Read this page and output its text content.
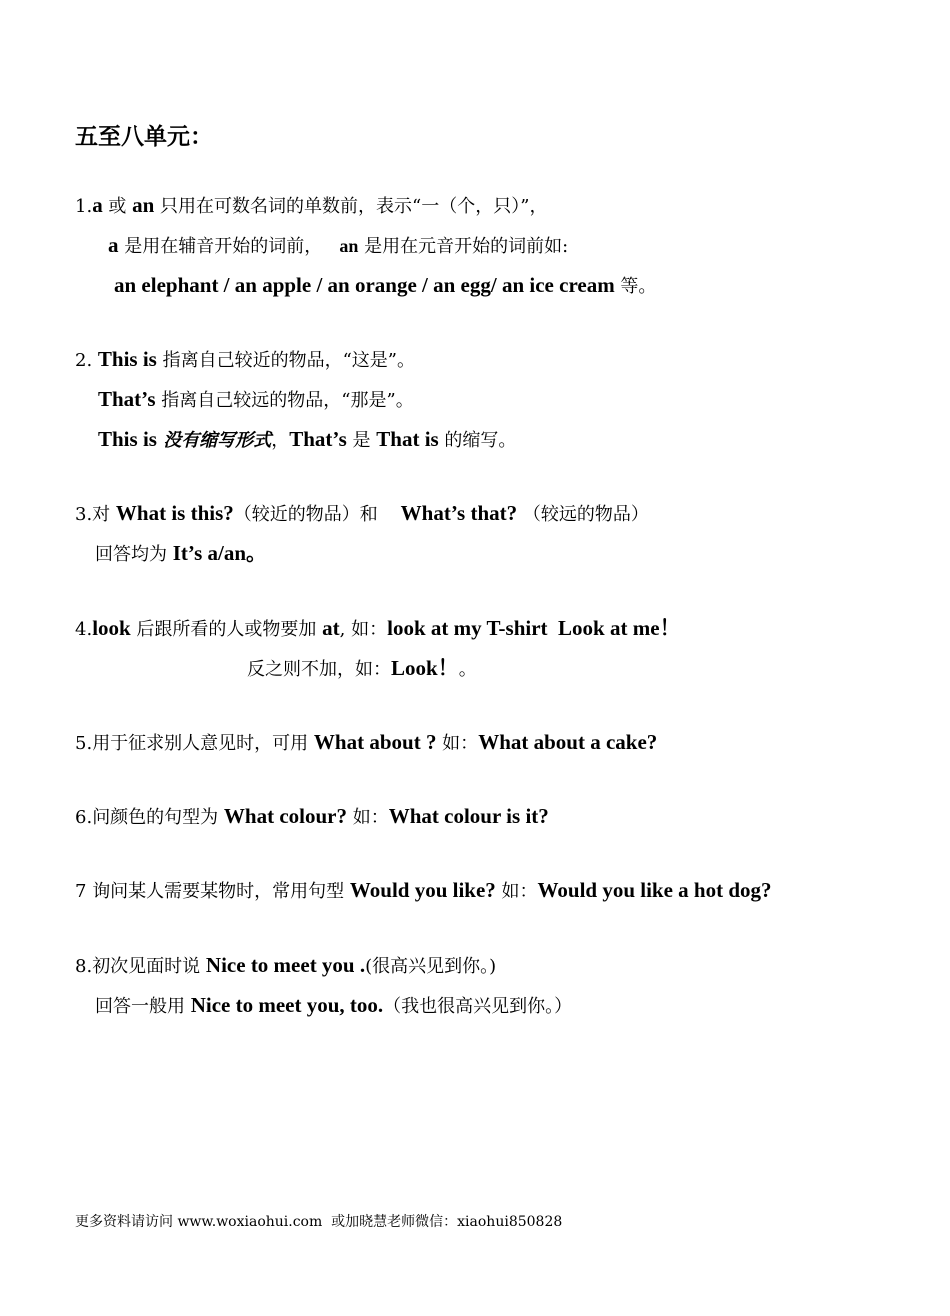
五至八单元：
1.a 或 an 只用在可数名词的单数前，表示“一（个，只）”，
a 是用在辅音开始的词前，   an 是用在元音开始的词前如:
an elephant / an apple / an orange / an egg/ an ice cream 等。
2. This is 指离自己较近的物品，“这是”。
That’s 指离自己较远的物品，“那是”。
This is 没有缩写形式，That’s 是 That is 的缩写。
3.对 What is this?（较近的物品）和    What’s that? （较远的物品）
回答均为 It’s a/an。
4.look 后跟所看的人或物要加 at, 如：look at my T-shirt  Look at me！
反之则不加，如：Look！。
5.用于征求别人意见时，可用 What about ? 如：What about a cake?
6.问颜色的句型为 What colour? 如：What colour is it?
7 询问某人需要某物时，常用句型 Would you like? 如：Would you like a hot dog?
8.初次见面时说 Nice to meet you .(很高兴见到你。)
回答一般用 Nice to meet you, too.（我也很高兴见到你。）
更多资料请访问 www.woxiaohui.com  或加晓慧老师微信：xiaohui850828
